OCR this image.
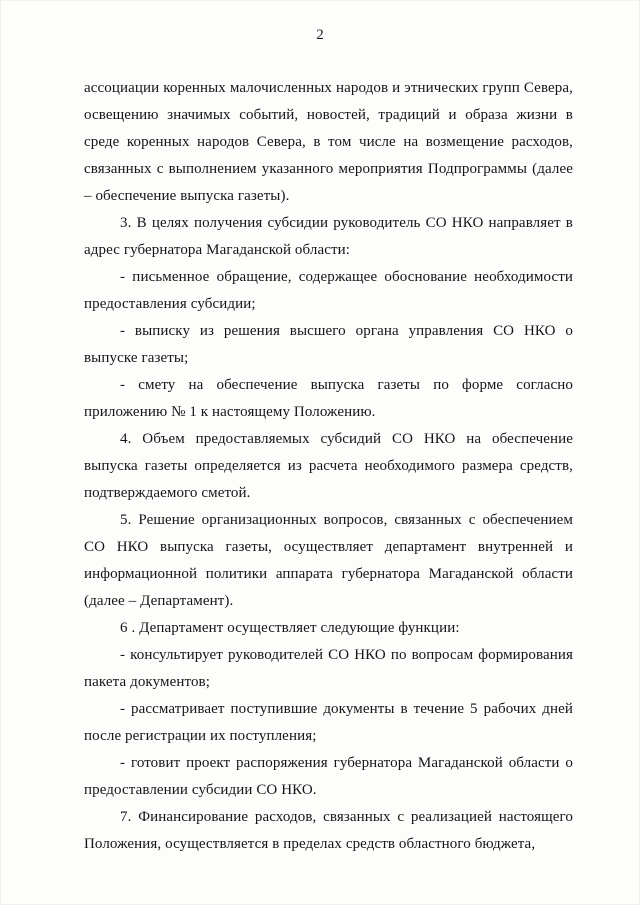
2

ассоциации коренных малочисленных народов и этнических групп Севера, освещению значимых событий, новостей, традиций и образа жизни в среде коренных народов Севера, в том числе на возмещение расходов, связанных с выполнением указанного мероприятия Подпрограммы (далее – обеспечение выпуска газеты).

3. В целях получения субсидии руководитель СО НКО направляет в адрес губернатора Магаданской области:

- письменное обращение, содержащее обоснование необходимости предоставления субсидии;

- выписку из решения высшего органа управления СО НКО о выпуске газеты;

- смету на обеспечение выпуска газеты по форме согласно приложению № 1 к настоящему Положению.

4. Объем предоставляемых субсидий СО НКО на обеспечение выпуска газеты определяется из расчета необходимого размера средств, подтверждаемого сметой.

5. Решение организационных вопросов, связанных с обеспечением СО НКО выпуска газеты, осуществляет департамент внутренней и информационной политики аппарата губернатора Магаданской области (далее – Департамент).

6 . Департамент осуществляет следующие функции:

- консультирует руководителей СО НКО по вопросам формирования пакета документов;

- рассматривает поступившие документы в течение 5 рабочих дней после регистрации их поступления;

- готовит проект распоряжения губернатора Магаданской области о предоставлении субсидии СО НКО.

7. Финансирование расходов, связанных с реализацией настоящего Положения, осуществляется в пределах средств областного бюджета,
